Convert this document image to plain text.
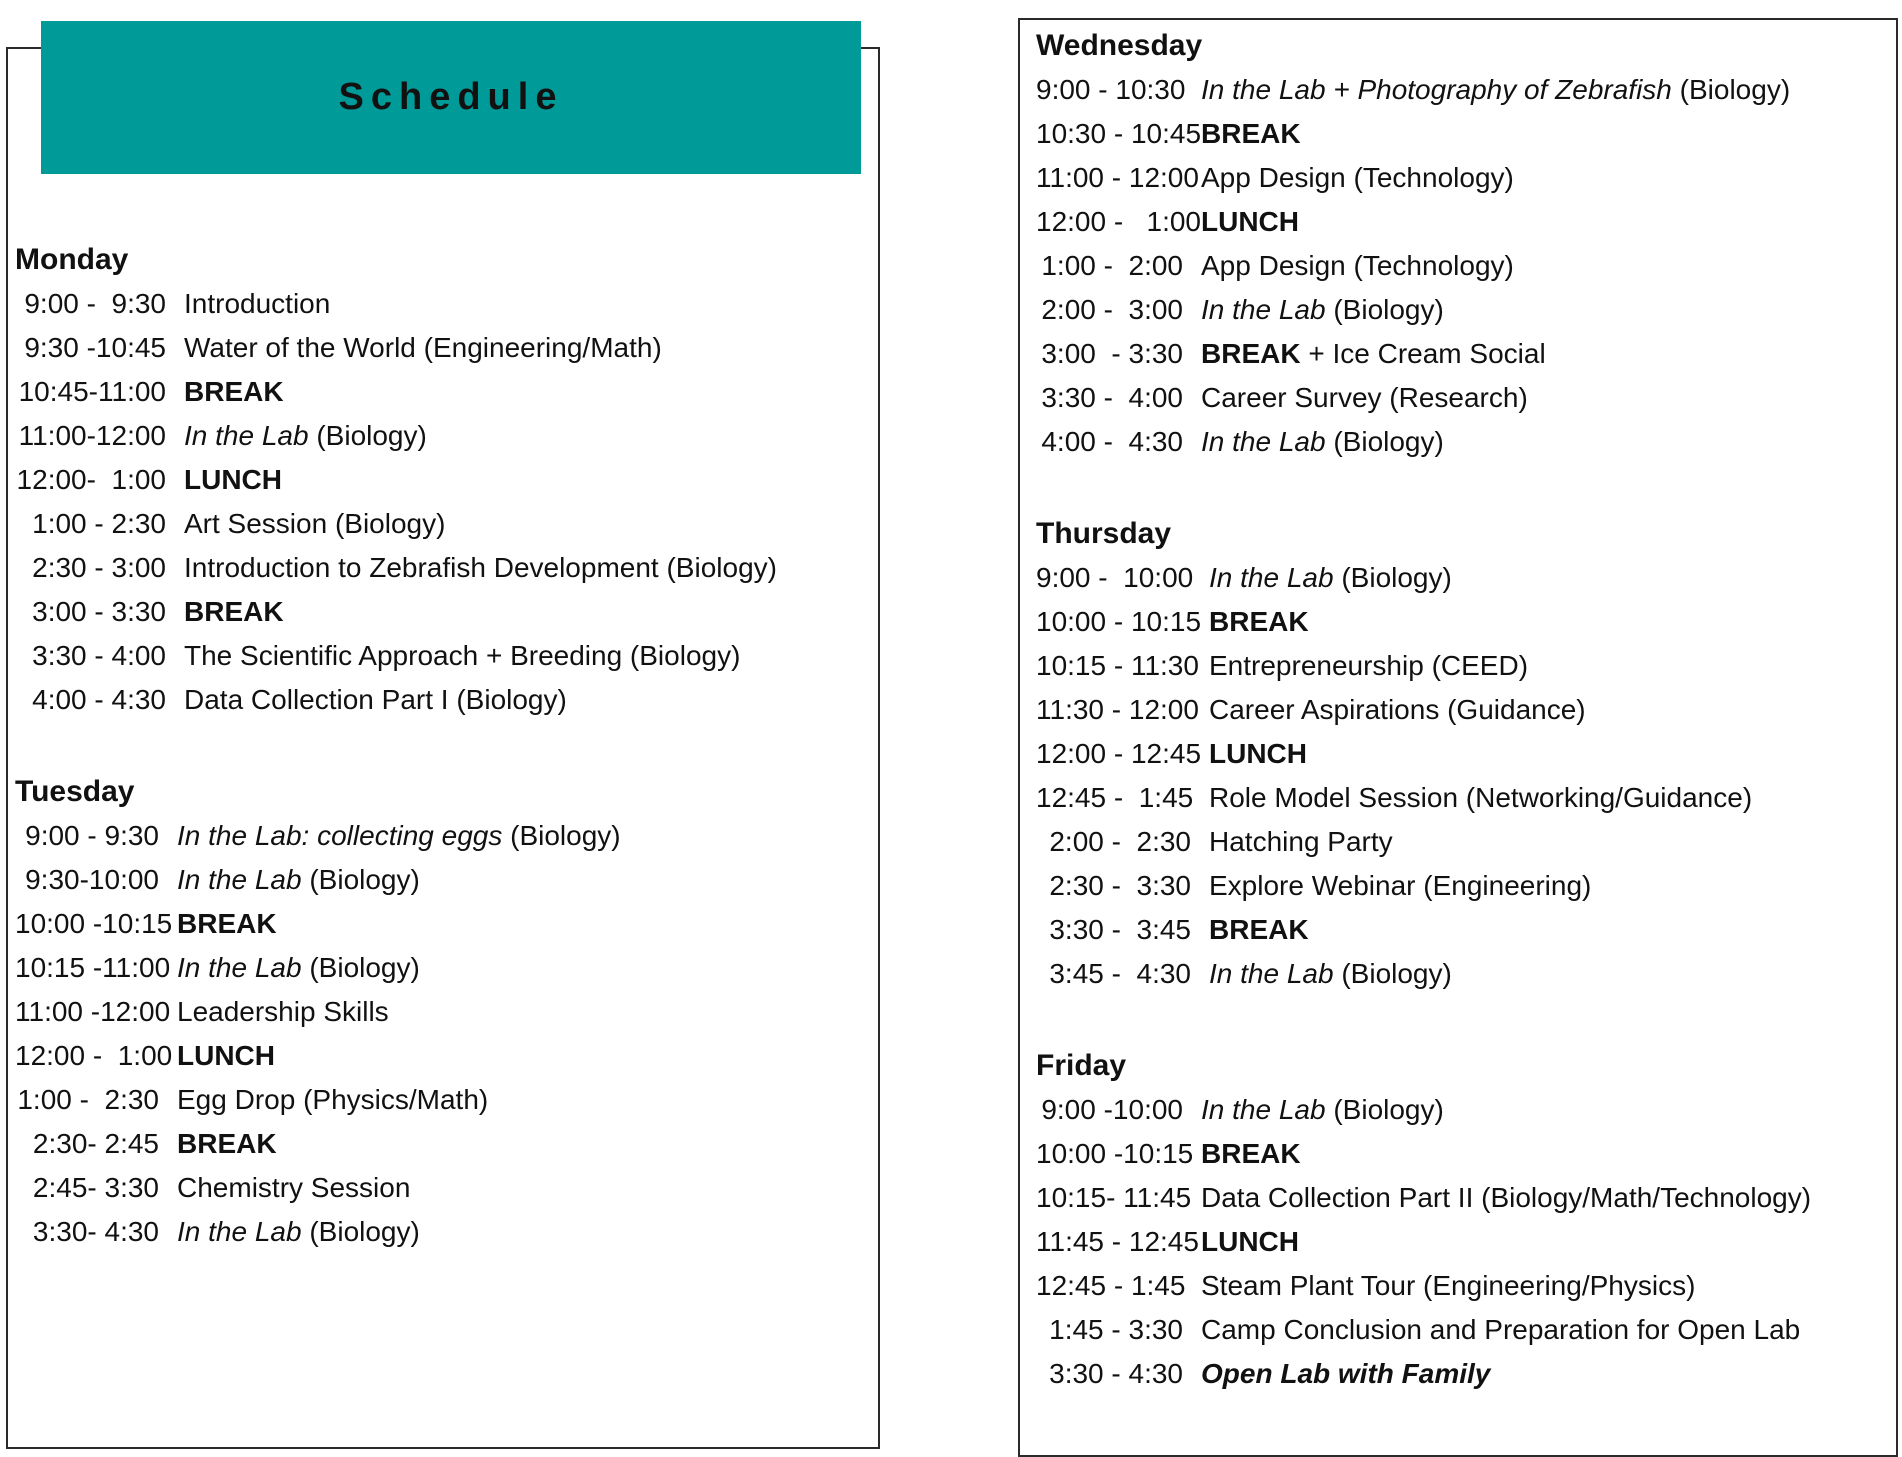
Schedule
Monday
9:00 -  9:30 Introduction
9:30 -10:45 Water of the World (Engineering/Math)
10:45-11:00 BREAK
11:00-12:00 In the Lab (Biology)
12:00-  1:00 LUNCH
1:00 - 2:30 Art Session (Biology)
2:30 - 3:00 Introduction to Zebrafish Development (Biology)
3:00 - 3:30 BREAK
3:30 - 4:00 The Scientific Approach + Breeding (Biology)
4:00 - 4:30 Data Collection Part I (Biology)
Tuesday
9:00 - 9:30 In the Lab: collecting eggs (Biology)
9:30-10:00 In the Lab (Biology)
10:00 -10:15 BREAK
10:15 -11:00 In the Lab (Biology)
11:00 -12:00 Leadership Skills
12:00 -  1:00 LUNCH
1:00 -  2:30 Egg Drop (Physics/Math)
2:30- 2:45 BREAK
2:45- 3:30 Chemistry Session
3:30- 4:30 In the Lab (Biology)
Wednesday
9:00 - 10:30 In the Lab + Photography of Zebrafish (Biology)
10:30 - 10:45 BREAK
11:00 - 12:00 App Design (Technology)
12:00 -   1:00 LUNCH
1:00 -  2:00 App Design (Technology)
2:00 -  3:00 In the Lab (Biology)
3:00  - 3:30 BREAK + Ice Cream Social
3:30 -  4:00 Career Survey (Research)
4:00 -  4:30 In the Lab (Biology)
Thursday
9:00 -  10:00 In the Lab (Biology)
10:00 - 10:15 BREAK
10:15 - 11:30 Entrepreneurship (CEED)
11:30 - 12:00 Career Aspirations (Guidance)
12:00 - 12:45 LUNCH
12:45 -  1:45 Role Model Session (Networking/Guidance)
2:00 -  2:30 Hatching Party
2:30 -  3:30 Explore Webinar (Engineering)
3:30 -  3:45 BREAK
3:45 -  4:30 In the Lab (Biology)
Friday
9:00 -10:00 In the Lab (Biology)
10:00 -10:15 BREAK
10:15- 11:45 Data Collection Part II (Biology/Math/Technology)
11:45 - 12:45 LUNCH
12:45 - 1:45 Steam Plant Tour (Engineering/Physics)
1:45 - 3:30 Camp Conclusion and Preparation for Open Lab
3:30 - 4:30 Open Lab with Family
